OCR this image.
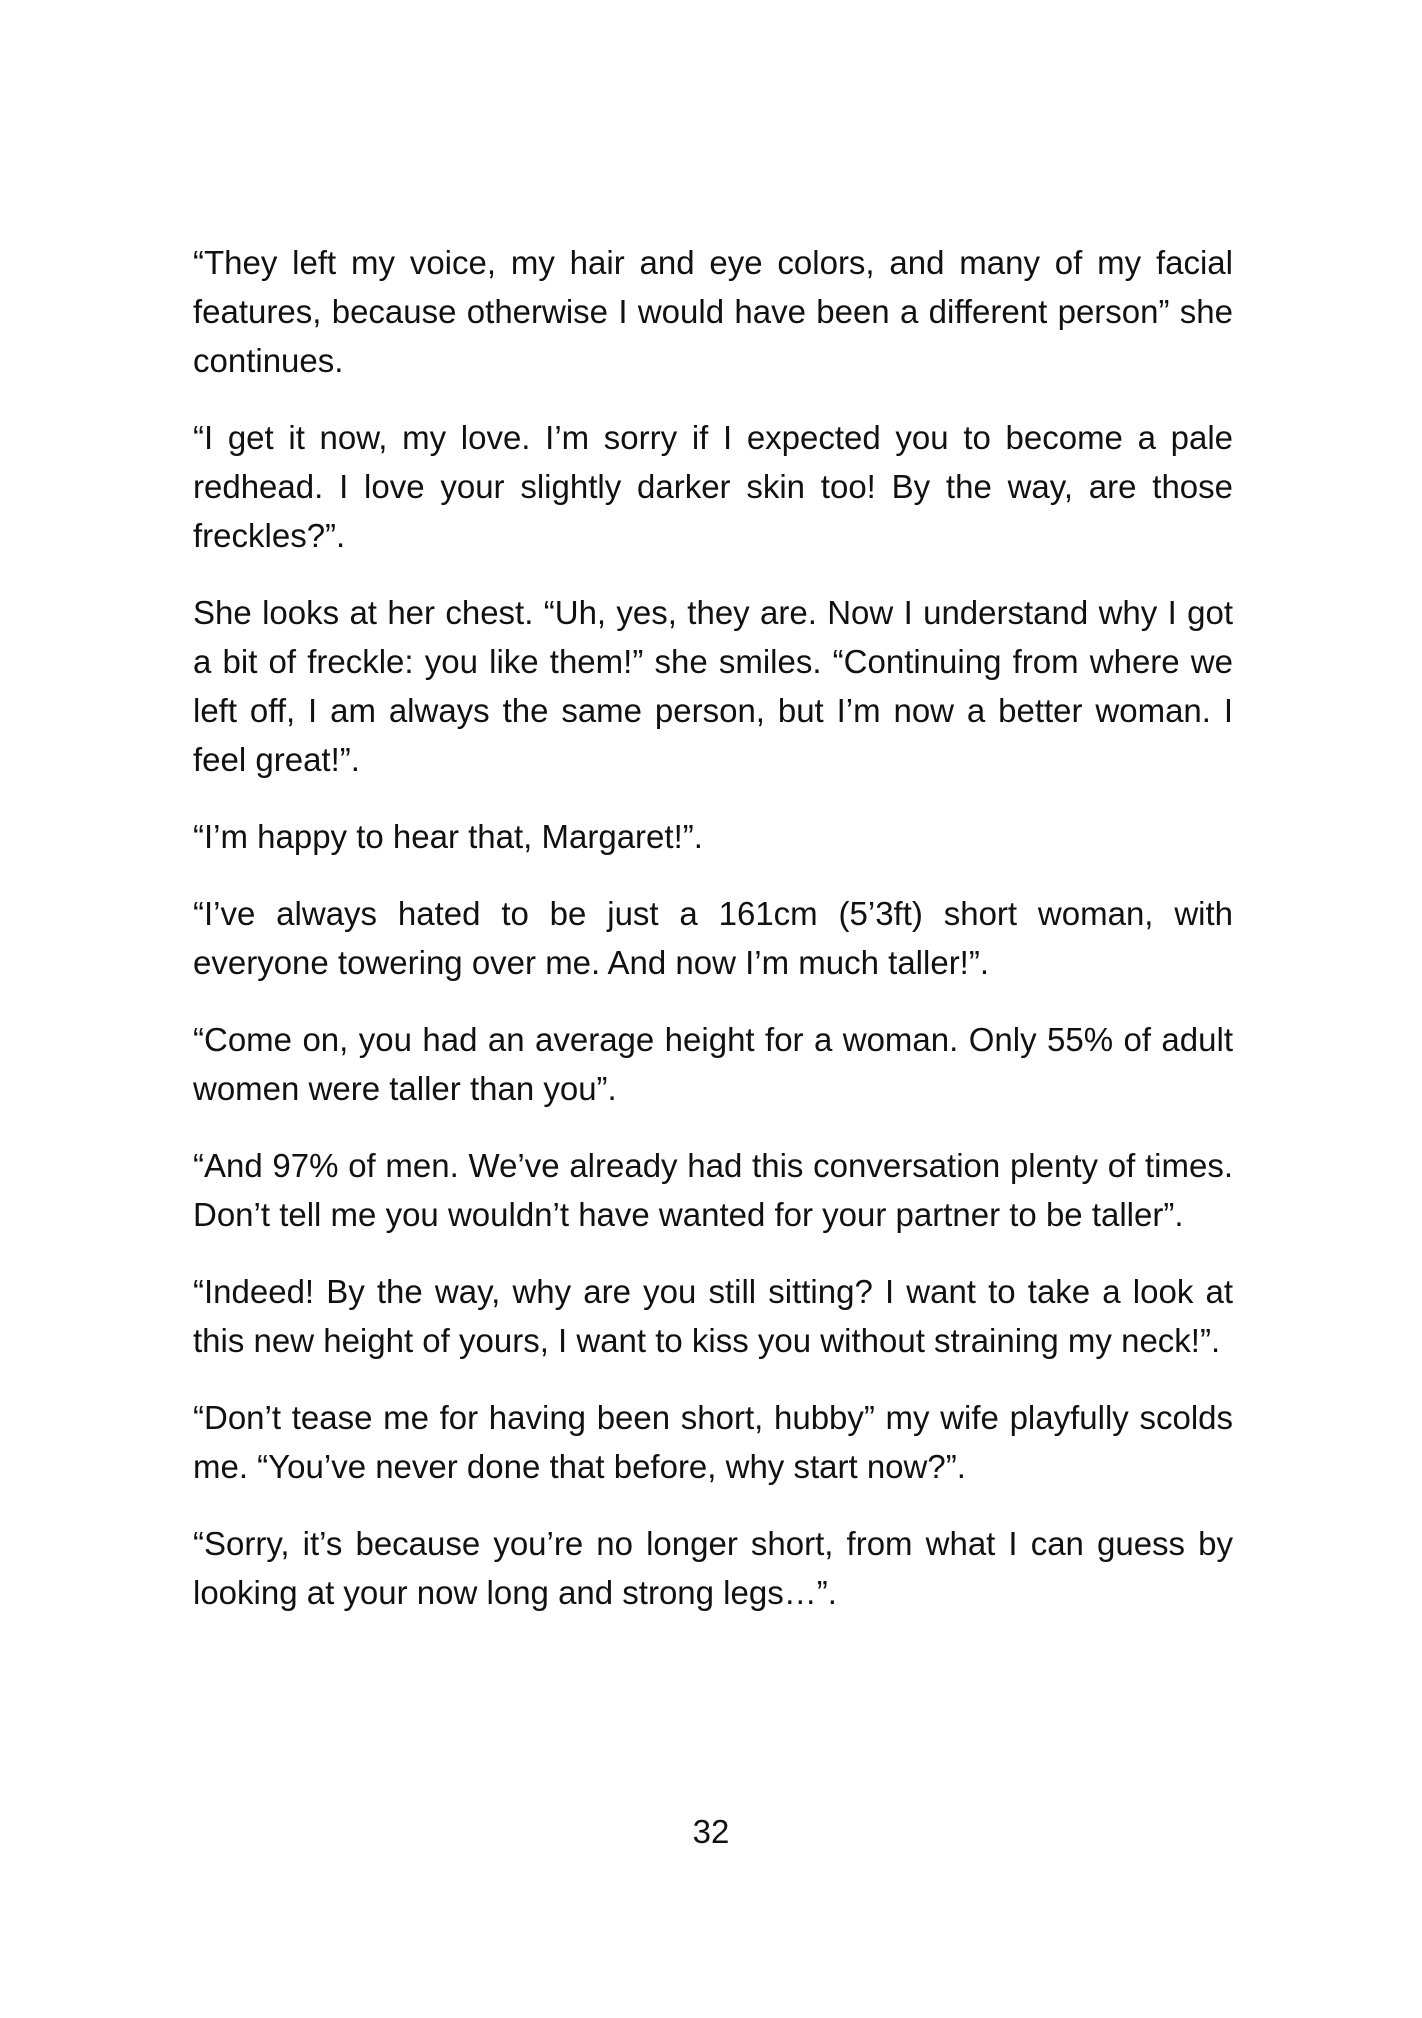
“They left my voice, my hair and eye colors, and many of my facial features, because otherwise I would have been a different person” she continues.

“I get it now, my love. I’m sorry if I expected you to become a pale redhead. I love your slightly darker skin too! By the way, are those freckles?”.

She looks at her chest. “Uh, yes, they are. Now I understand why I got a bit of freckle: you like them!” she smiles. “Continuing from where we left off, I am always the same person, but I’m now a better woman. I feel great!”.

“I’m happy to hear that, Margaret!”.

“I’ve always hated to be just a 161cm (5’3ft) short woman, with everyone towering over me. And now I’m much taller!”.

“Come on, you had an average height for a woman. Only 55% of adult women were taller than you”.

“And 97% of men. We’ve already had this conversation plenty of times. Don’t tell me you wouldn’t have wanted for your partner to be taller”.

“Indeed! By the way, why are you still sitting? I want to take a look at this new height of yours, I want to kiss you without straining my neck!”.

“Don’t tease me for having been short, hubby” my wife playfully scolds me. “You’ve never done that before, why start now?”.

“Sorry, it’s because you’re no longer short, from what I can guess by looking at your now long and strong legs…”.

32
